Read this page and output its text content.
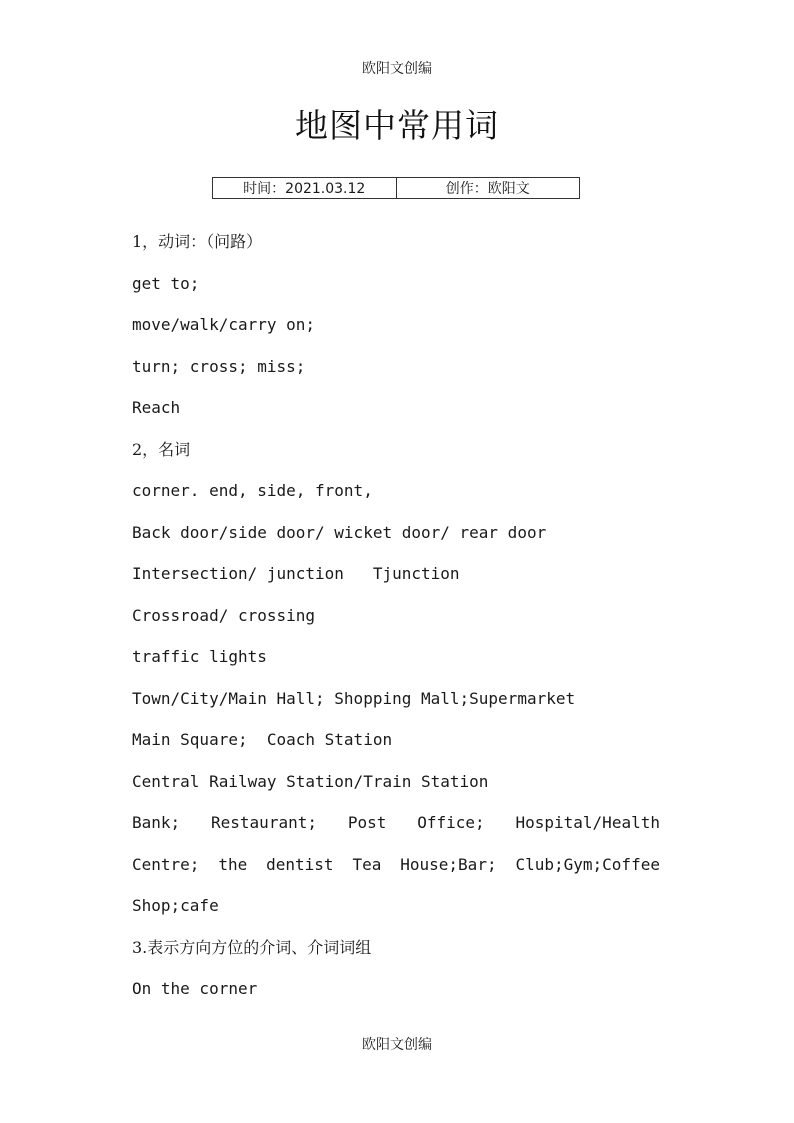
欧阳文创编
地图中常用词
时间：2021.03.12	创作：欧阳文
1，动词：（问路）
get to;
move/walk/carry on;
turn; cross; miss;
Reach
2，名词
corner. end, side, front,
Back door/side door/ wicket door/ rear door
Intersection/ junction   Tjunction
Crossroad/ crossing
traffic lights
Town/City/Main Hall; Shopping Mall;Supermarket
Main Square;  Coach Station
Central Railway Station/Train Station
Bank; Restaurant; Post Office; Hospital/Health
Centre; the dentist Tea House;Bar; Club;Gym;Coffee
Shop;cafe
3.表示方向方位的介词、介词词组
On the corner
欧阳文创编
